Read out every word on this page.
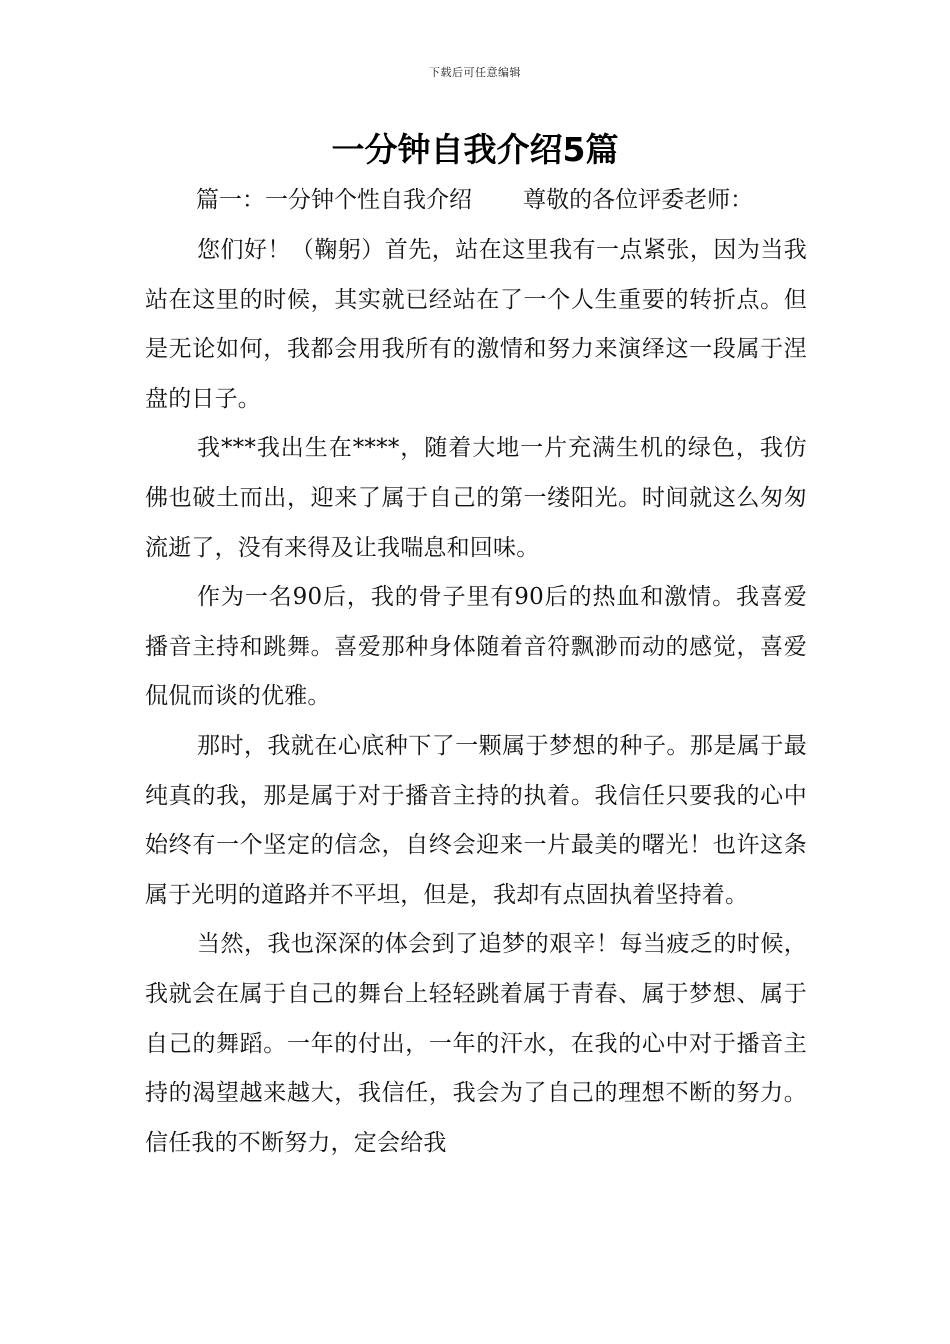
下载后可任意编辑
一分钟自我介绍5篇
篇一：一分钟个性自我介绍       尊敬的各位评委老师：

您们好！（鞠躬）首先，站在这里我有一点紧张，因为当我站在这里的时候，其实就已经站在了一个人生重要的转折点。但是无论如何，我都会用我所有的激情和努力来演绎这一段属于涅盘的日子。

我***我出生在****，随着大地一片充满生机的绿色，我仿佛也破土而出，迎来了属于自己的第一缕阳光。时间就这么匆匆流逝了，没有来得及让我喘息和回味。

作为一名90后，我的骨子里有90后的热血和激情。我喜爱播音主持和跳舞。喜爱那种身体随着音符飘渺而动的感觉，喜爱侃侃而谈的优雅。

那时，我就在心底种下了一颗属于梦想的种子。那是属于最纯真的我，那是属于对于播音主持的执着。我信任只要我的心中始终有一个坚定的信念，自终会迎来一片最美的曙光！也许这条属于光明的道路并不平坦，但是，我却有点固执着坚持着。

当然，我也深深的体会到了追梦的艰辛！每当疲乏的时候，我就会在属于自己的舞台上轻轻跳着属于青春、属于梦想、属于自己的舞蹈。一年的付出，一年的汗水，在我的心中对于播音主持的渴望越来越大，我信任，我会为了自己的理想不断的努力。信任我的不断努力，定会给我
